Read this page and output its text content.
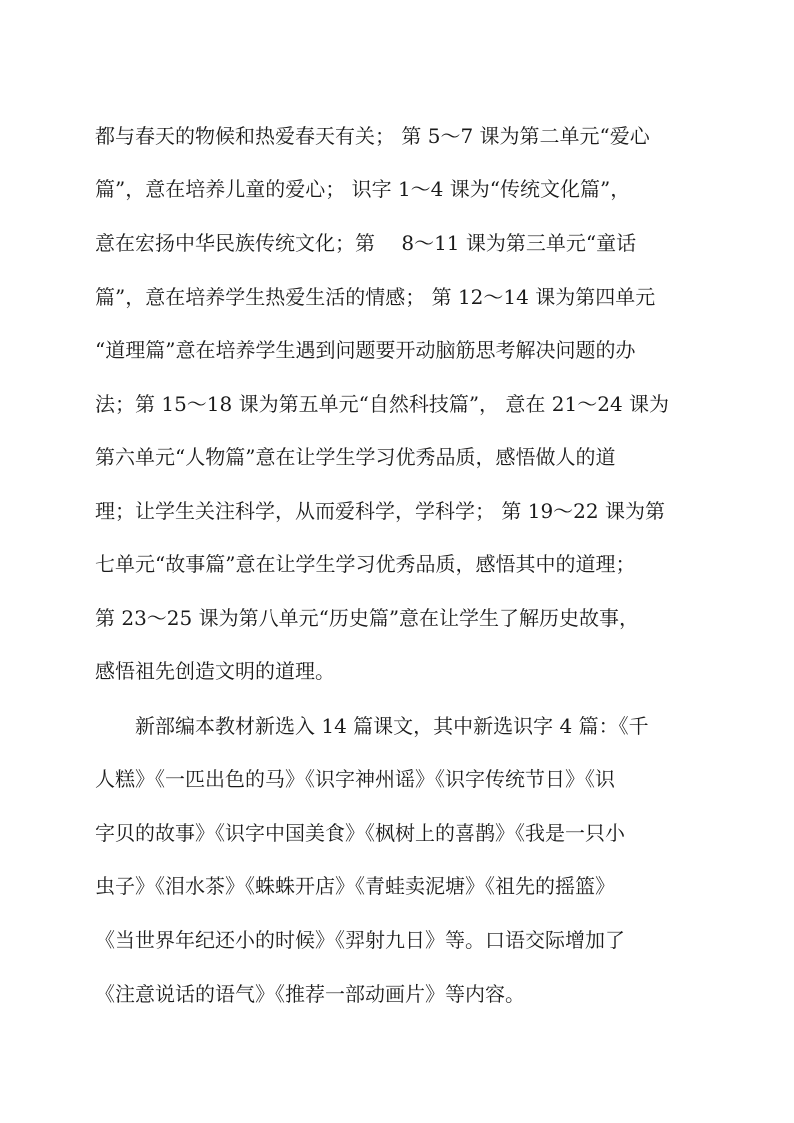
都与春天的物候和热爱春天有关； 第 5～7 课为第二单元“爱心
篇”，意在培养儿童的爱心； 识字 1～4 课为“传统文化篇”，
意在宏扬中华民族传统文化；第　 8～11 课为第三单元“童话
篇”，意在培养学生热爱生活的情感； 第 12～14 课为第四单元
“道理篇”意在培养学生遇到问题要开动脑筋思考解决问题的办
法；第 15～18 课为第五单元“自然科技篇”， 意在 21～24 课为
第六单元“人物篇”意在让学生学习优秀品质，感悟做人的道
理；让学生关注科学，从而爱科学，学科学； 第 19～22 课为第
七单元“故事篇”意在让学生学习优秀品质，感悟其中的道理；
第 23～25 课为第八单元“历史篇”意在让学生了解历史故事，
感悟祖先创造文明的道理。
　　新部编本教材新选入 14 篇课文，其中新选识字 4 篇：《千
人糕》《一匹出色的马》《识字神州谣》《识字传统节日》《识
字贝的故事》《识字中国美食》《枫树上的喜鹊》《我是一只小
虫子》《泪水茶》《蛛蛛开店》《青蛙卖泥塘》《祖先的摇篮》
《当世界年纪还小的时候》《羿射九日》等。口语交际增加了
《注意说话的语气》《推荐一部动画片》等内容。
